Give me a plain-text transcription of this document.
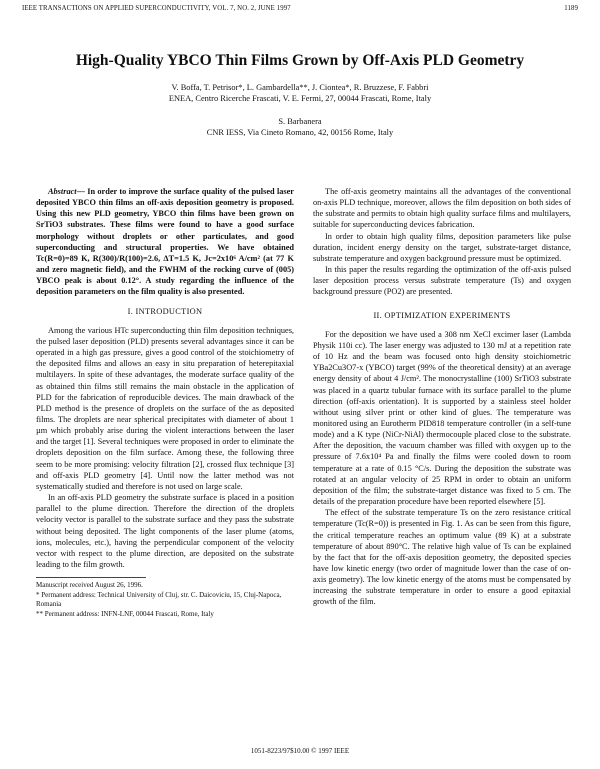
IEEE TRANSACTIONS ON APPLIED SUPERCONDUCTIVITY, VOL. 7, NO. 2, JUNE 1997	1189
High-Quality YBCO Thin Films Grown by Off-Axis PLD Geometry
V. Boffa, T. Petrisor*, L. Gambardella**, J. Ciontea*, R. Bruzzese, F. Fabbri
ENEA, Centro Ricerche Frascati, V. E. Fermi, 27, 00044 Frascati, Rome, Italy
S. Barbanera
CNR IESS, Via Cineto Romano, 42, 00156 Rome, Italy

Abstract— In order to improve the surface quality of the pulsed laser deposited YBCO thin films an off-axis deposition geometry is proposed. Using this new PLD geometry, YBCO thin films have been grown on SrTiO3 substrates. These films were found to have a good surface morphology without droplets or other particulates, and good superconducting and structural properties. We have obtained Tc(R=0)=89 K, R(300)/R(100)=2.6, ΔT=1.5 K, Jc=2x10⁶ A/cm² (at 77 K and zero magnetic field), and the FWHM of the rocking curve of (005) YBCO peak is about 0.12°. A study regarding the influence of the deposition parameters on the film quality is also presented.

I. INTRODUCTION

Among the various HTc superconducting thin film deposition techniques, the pulsed laser deposition (PLD) presents several advantages since it can be operated in a high gas pressure, gives a good control of the stoichiometry of the deposited films and allows an easy in situ preparation of heterepitaxial multilayers. In spite of these advantages, the moderate surface quality of the as obtained thin films still remains the main obstacle in the application of PLD for the fabrication of reproducible devices. The main drawback of the PLD method is the presence of droplets on the surface of the as deposited films. The droplets are near spherical precipitates with diameter of about 1 µm which probably arise during the violent interactions between the laser and the target [1]. Several techniques were proposed in order to eliminate the droplets deposition on the film surface. Among these, the following three seem to be more promising: velocity filtration [2], crossed flux technique [3] and off-axis PLD geometry [4]. Until now the latter method was not systematically studied and therefore is not used on large scale.

In an off-axis PLD geometry the substrate surface is placed in a position parallel to the plume direction. Therefore the direction of the droplets velocity vector is parallel to the substrate surface and they pass the substrate without being deposited. The light components of the laser plume (atoms, ions, molecules, etc.), having the perpendicular component of the velocity vector with respect to the plume direction, are deposited on the substrate leading to the film growth.

Manuscript received August 26, 1996.

* Permanent address: Technical University of Cluj, str. C. Daicoviciu, 15, Cluj-Napoca, Romania

** Permanent address: INFN-LNF, 00044 Frascati, Rome, Italy

The off-axis geometry maintains all the advantages of the conventional on-axis PLD technique, moreover, allows the film deposition on both sides of the substrate and permits to obtain high quality surface films and multilayers, suitable for superconducting devices fabrication.

In order to obtain high quality films, deposition parameters like pulse duration, incident energy density on the target, substrate-target distance, substrate temperature and oxygen background pressure must be optimized.

In this paper the results regarding the optimization of the off-axis pulsed laser deposition process versus substrate temperature (Ts) and oxygen background pressure (PO2) are presented.

II. OPTIMIZATION EXPERIMENTS

For the deposition we have used a 308 nm XeCl excimer laser (Lambda Physik 110i cc). The laser energy was adjusted to 130 mJ at a repetition rate of 10 Hz and the beam was focused onto high density stoichiometric YBa2Cu3O7-x (YBCO) target (99% of the theoretical density) at an average energy density of about 4 J/cm². The monocrystalline (100) SrTiO3 substrate was placed in a quartz tubular furnace with its surface parallel to the plume direction (off-axis orientation). It is supported by a stainless steel holder without using silver print or other kind of glues. The temperature was monitored using an Eurotherm PID818 temperature controller (in a self-tune mode) and a K type (NiCr-NiAl) thermocouple placed close to the substrate. After the deposition, the vacuum chamber was filled with oxygen up to the pressure of 7.6x10⁴ Pa and finally the films were cooled down to room temperature at a rate of 0.15 °C/s. During the deposition the substrate was rotated at an angular velocity of 25 RPM in order to obtain an uniform deposition of the film; the substrate-target distance was fixed to 5 cm. The details of the preparation procedure have been reported elsewhere [5].

The effect of the substrate temperature Ts on the zero resistance critical temperature (Tc(R=0)) is presented in Fig. 1. As can be seen from this figure, the critical temperature reaches an optimum value (89 K) at a substrate temperature of about 890°C. The relative high value of Ts can be explained by the fact that for the off-axis deposition geometry, the deposited species have low kinetic energy (two order of magnitude lower than the case of on-axis geometry). The low kinetic energy of the atoms must be compensated by increasing the substrate temperature in order to ensure a good epitaxial growth of the film.

1051-8223/97$10.00 © 1997 IEEE
